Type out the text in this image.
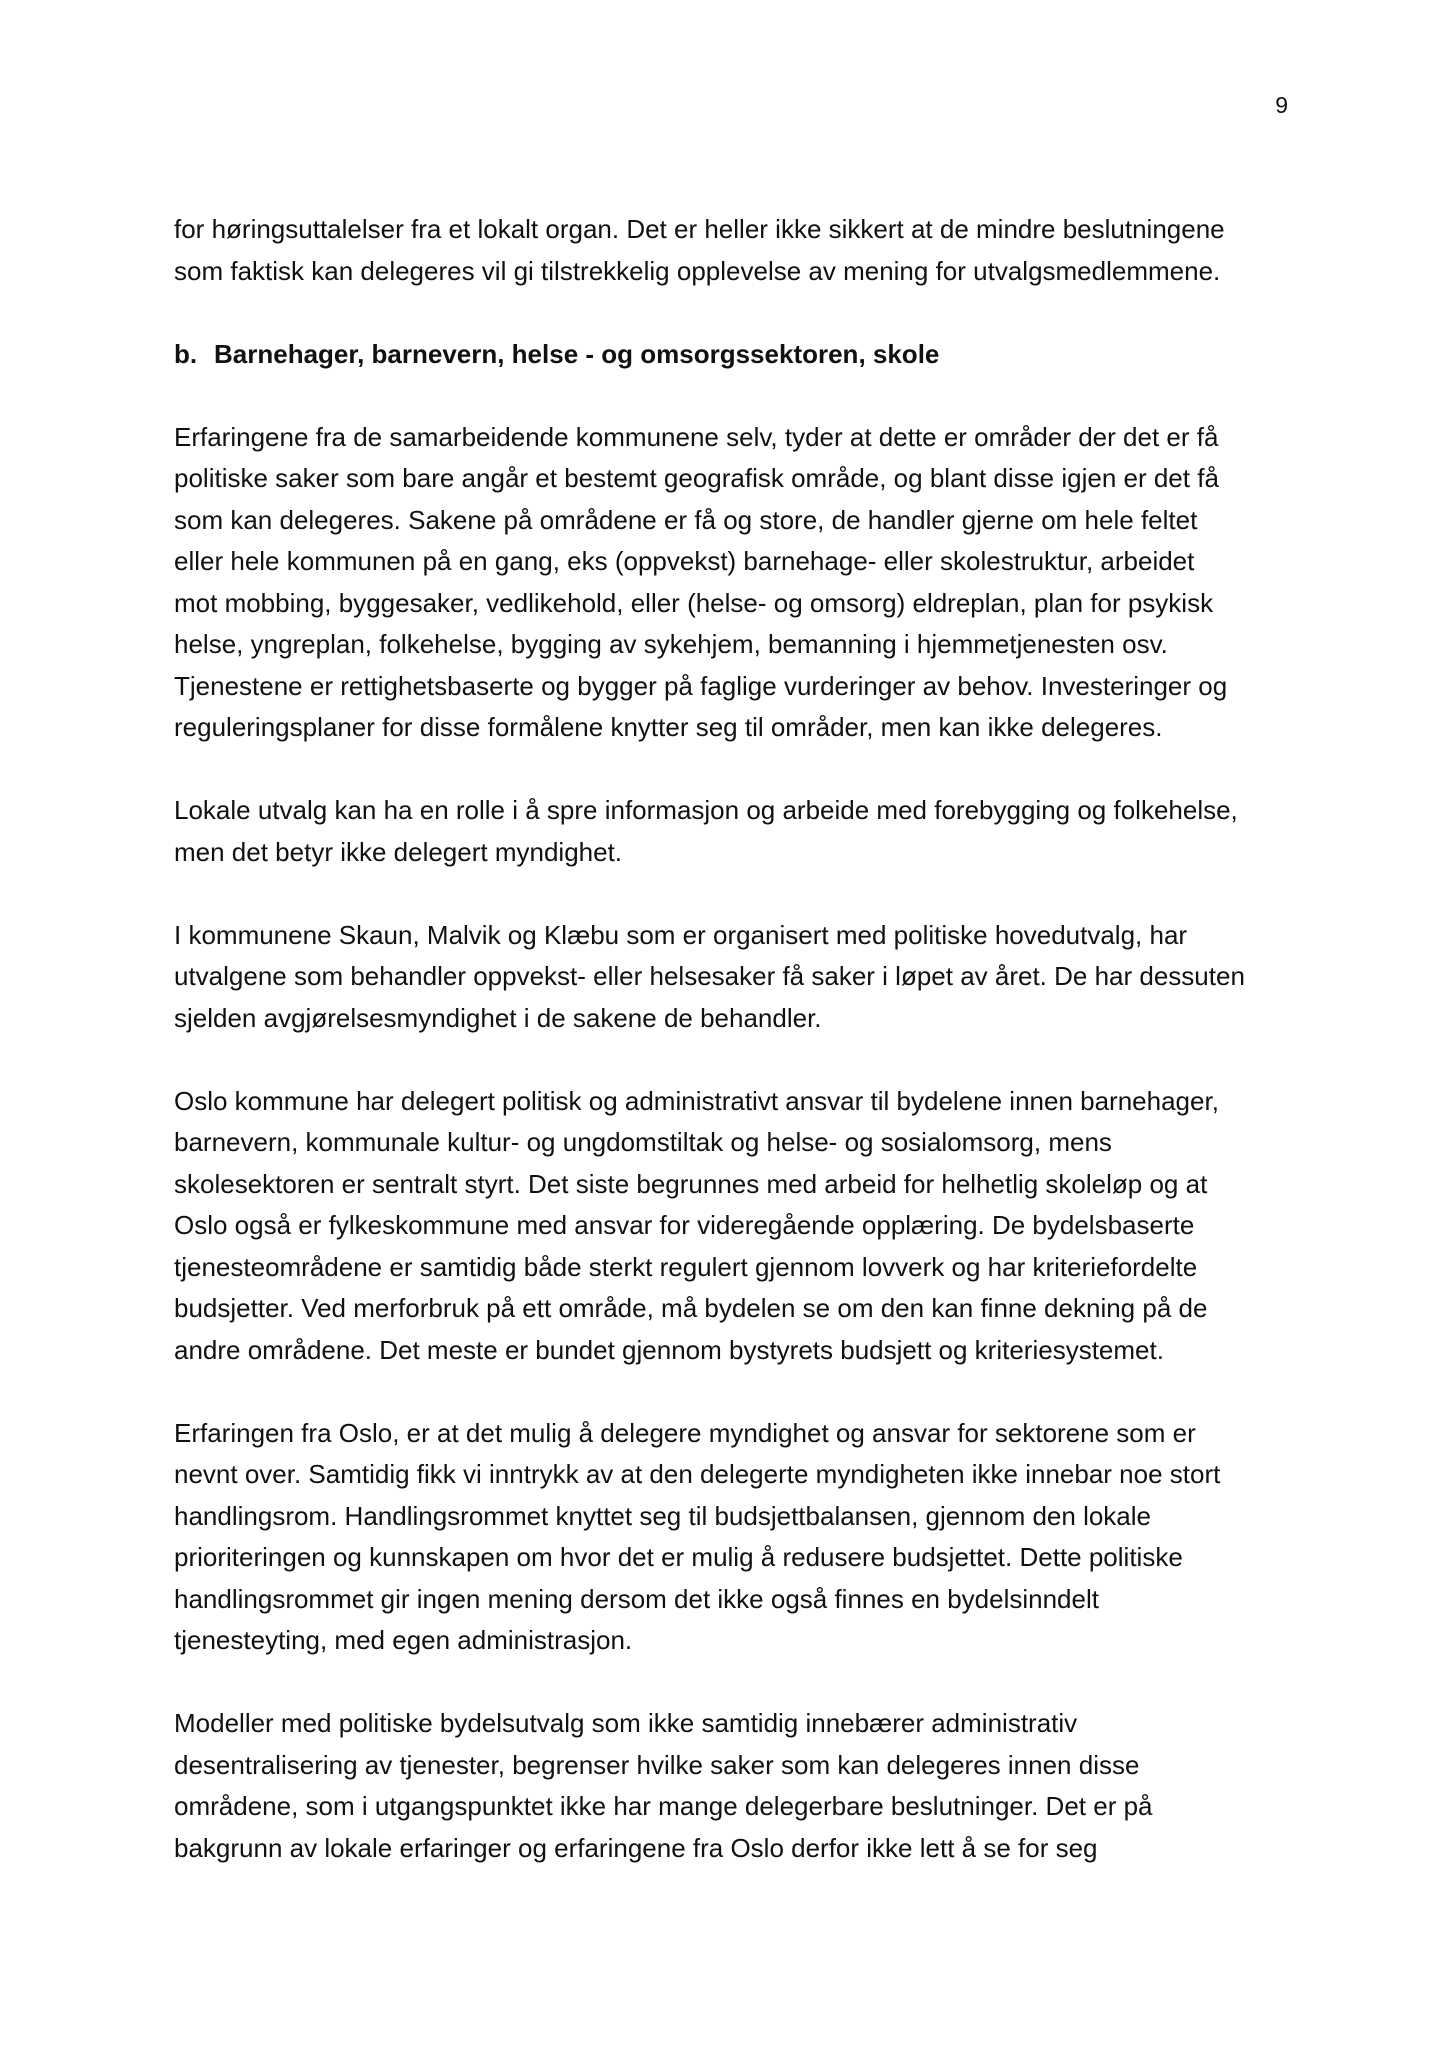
9

for høringsuttalelser fra et lokalt organ. Det er heller ikke sikkert at de mindre beslutningene
som faktisk kan delegeres vil gi tilstrekkelig opplevelse av mening for utvalgsmedlemmene.

b. Barnehager, barnevern, helse - og omsorgssektoren, skole

Erfaringene fra de samarbeidende kommunene selv, tyder at dette er områder der det er få
politiske saker som bare angår et bestemt geografisk område, og blant disse igjen er det få
som kan delegeres. Sakene på områdene er få og store, de handler gjerne om hele feltet
eller hele kommunen på en gang, eks (oppvekst) barnehage- eller skolestruktur, arbeidet
mot mobbing, byggesaker, vedlikehold, eller (helse- og omsorg) eldreplan, plan for psykisk
helse, yngreplan, folkehelse, bygging av sykehjem, bemanning i hjemmetjenesten osv.
Tjenestene er rettighetsbaserte og bygger på faglige vurderinger av behov. Investeringer og
reguleringsplaner for disse formålene knytter seg til områder, men kan ikke delegeres.

Lokale utvalg kan ha en rolle i å spre informasjon og arbeide med forebygging og folkehelse,
men det betyr ikke delegert myndighet.

I kommunene Skaun, Malvik og Klæbu som er organisert med politiske hovedutvalg, har
utvalgene som behandler oppvekst- eller helsesaker få saker i løpet av året. De har dessuten
sjelden avgjørelsesmyndighet i de sakene de behandler.

Oslo kommune har delegert politisk og administrativt ansvar til bydelene innen barnehager,
barnevern, kommunale kultur- og ungdomstiltak og helse- og sosialomsorg, mens
skolesektoren er sentralt styrt. Det siste begrunnes med arbeid for helhetlig skoleløp og at
Oslo også er fylkeskommune med ansvar for videregående opplæring. De bydelsbaserte
tjenesteområdene er samtidig både sterkt regulert gjennom lovverk og har kriteriefordelte
budsjetter. Ved merforbruk på ett område, må bydelen se om den kan finne dekning på de
andre områdene. Det meste er bundet gjennom bystyrets budsjett og kriteriesystemet.

Erfaringen fra Oslo, er at det mulig å delegere myndighet og ansvar for sektorene som er
nevnt over. Samtidig fikk vi inntrykk av at den delegerte myndigheten ikke innebar noe stort
handlingsrom. Handlingsrommet knyttet seg til budsjettbalansen, gjennom den lokale
prioriteringen og kunnskapen om hvor det er mulig å redusere budsjettet. Dette politiske
handlingsrommet gir ingen mening dersom det ikke også finnes en bydelsinndelt
tjenesteyting, med egen administrasjon.

Modeller med politiske bydelsutvalg som ikke samtidig innebærer administrativ
desentralisering av tjenester, begrenser hvilke saker som kan delegeres innen disse
områdene, som i utgangspunktet ikke har mange delegerbare beslutninger. Det er på
bakgrunn av lokale erfaringer og erfaringene fra Oslo derfor ikke lett å se for seg
